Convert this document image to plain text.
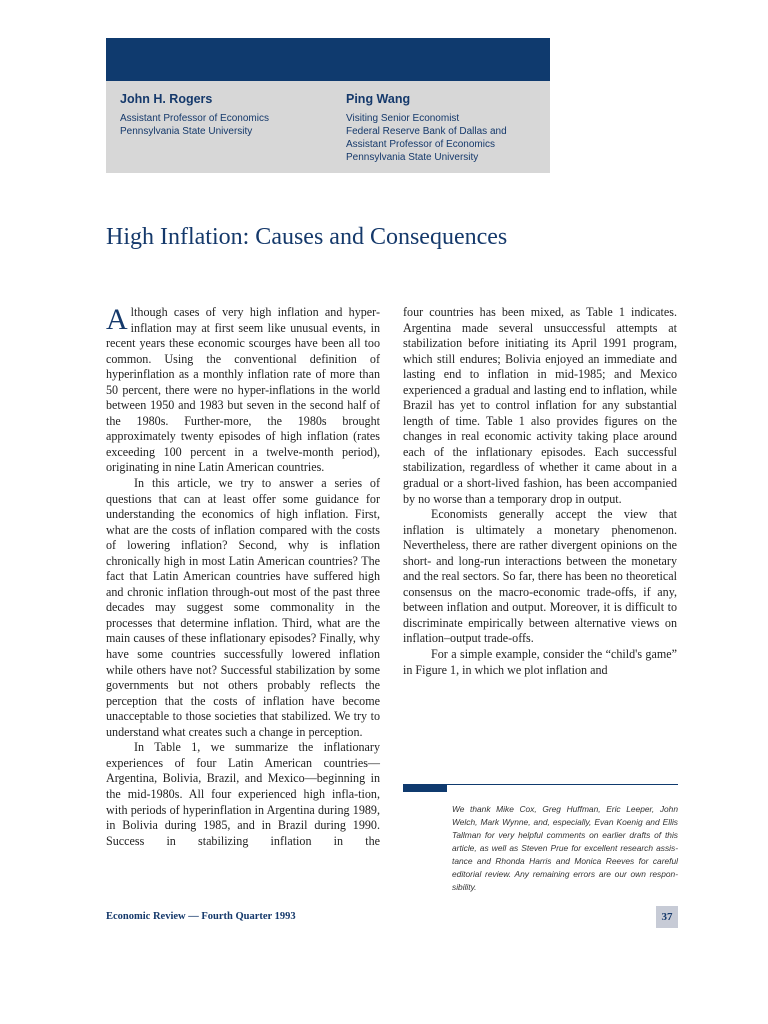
John H. Rogers
Assistant Professor of Economics
Pennsylvania State University
Ping Wang
Visiting Senior Economist
Federal Reserve Bank of Dallas and
Assistant Professor of Economics
Pennsylvania State University
High Inflation: Causes and Consequences

Although cases of very high inflation and hyper-inflation may at first seem like unusual events, in recent years these economic scourges have been all too common. Using the conventional definition of hyperinflation as a monthly inflation rate of more than 50 percent, there were no hyper-inflations in the world between 1950 and 1983 but seven in the second half of the 1980s. Further-more, the 1980s brought approximately twenty episodes of high inflation (rates exceeding 100 percent in a twelve-month period), originating in nine Latin American countries.

In this article, we try to answer a series of questions that can at least offer some guidance for understanding the economics of high inflation. First, what are the costs of inflation compared with the costs of lowering inflation? Second, why is inflation chronically high in most Latin American countries? The fact that Latin American countries have suffered high and chronic inflation through-out most of the past three decades may suggest some commonality in the processes that determine inflation. Third, what are the main causes of these inflationary episodes? Finally, why have some countries successfully lowered inflation while others have not? Successful stabilization by some governments but not others probably reflects the perception that the costs of inflation have become unacceptable to those societies that stabilized. We try to understand what creates such a change in perception.

In Table 1, we summarize the inflationary experiences of four Latin American countries—Argentina, Bolivia, Brazil, and Mexico—beginning in the mid-1980s. All four experienced high infla-tion, with periods of hyperinflation in Argentina during 1989, in Bolivia during 1985, and in Brazil during 1990. Success in stabilizing inflation in the

four countries has been mixed, as Table 1 indicates. Argentina made several unsuccessful attempts at stabilization before initiating its April 1991 program, which still endures; Bolivia enjoyed an immediate and lasting end to inflation in mid-1985; and Mexico experienced a gradual and lasting end to inflation, while Brazil has yet to control inflation for any substantial length of time. Table 1 also provides figures on the changes in real economic activity taking place around each of the inflationary episodes. Each successful stabilization, regardless of whether it came about in a gradual or a short-lived fashion, has been accompanied by no worse than a temporary drop in output.

Economists generally accept the view that inflation is ultimately a monetary phenomenon. Nevertheless, there are rather divergent opinions on the short- and long-run interactions between the monetary and the real sectors. So far, there has been no theoretical consensus on the macro-economic trade-offs, if any, between inflation and output. Moreover, it is difficult to discriminate empirically between alternative views on inflation–output trade-offs.

For a simple example, consider the “child's game” in Figure 1, in which we plot inflation and

We thank Mike Cox, Greg Huffman, Eric Leeper, John Welch, Mark Wynne, and, especially, Evan Koenig and Ellis Tallman for very helpful comments on earlier drafts of this article, as well as Steven Prue for excellent research assis-tance and Rhonda Harris and Monica Reeves for careful editorial review. Any remaining errors are our own respon-sibility.

Economic Review — Fourth Quarter 1993	37
